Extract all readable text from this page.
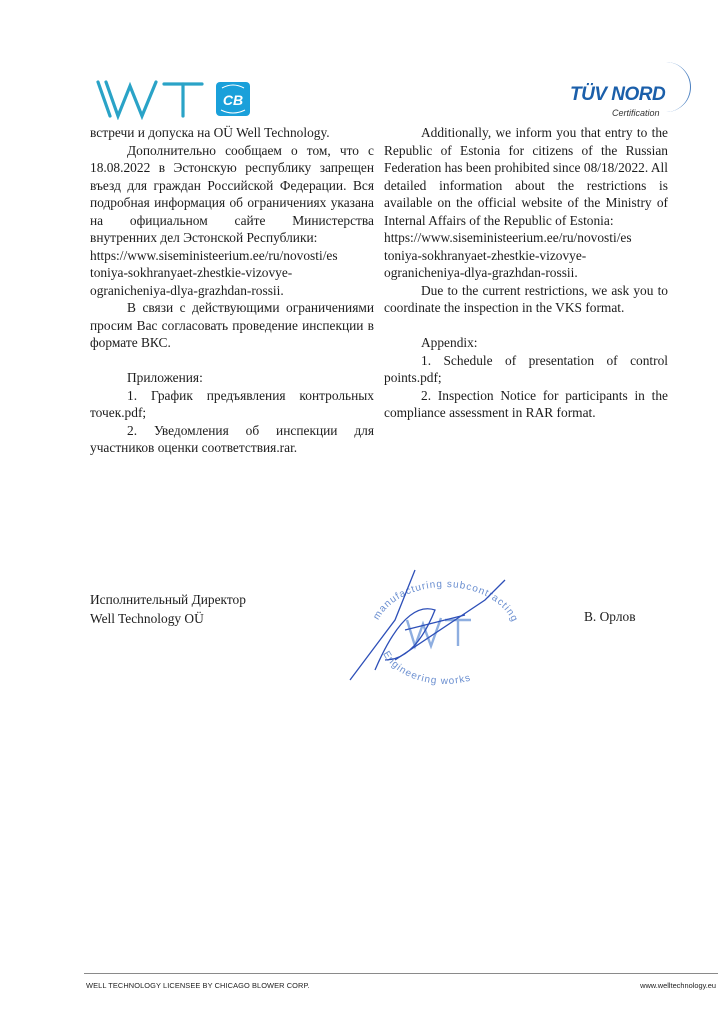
CB	TÜV NORD
Certification

встречи и допуска на OÜ Well Technology.

Дополнительно сообщаем о том, что с 18.08.2022 в Эстонскую республику запрещен въезд для граждан Российской Федерации. Вся подробная информация об ограничениях указана на официальном сайте Министерства внутренних дел Эстонской Республики:

https://www.siseministeerium.ee/ru/novosti/es

toniya-sokhranyaet-zhestkie-vizovye-

ogranicheniya-dlya-grazhdan-rossii.

В связи с действующими ограничениями просим Вас согласовать проведение инспекции в формате ВКС.

Приложения:

1. График предъявления контрольных точек.pdf;

2. Уведомления об инспекции для участников оценки соответствия.rar.

Additionally, we inform you that entry to the Republic of Estonia for citizens of the Russian Federation has been prohibited since 08/18/2022. All detailed information about the restrictions is available on the official website of the Ministry of Internal Affairs of the Republic of Estonia:

https://www.siseministeerium.ee/ru/novosti/es

toniya-sokhranyaet-zhestkie-vizovye-

ogranicheniya-dlya-grazhdan-rossii.

Due to the current restrictions, we ask you to coordinate the inspection in the VKS format.

Appendix:

1. Schedule of presentation of control points.pdf;

2. Inspection Notice for participants in the compliance assessment in RAR format.

Исполнительный Директор
Well Technology OÜ	manufacturing subcontracting
Engineering works
В. Орлов
WELL TECHNOLOGY LICENSEE BY CHICAGO BLOWER CORP.	www.welltechnology.eu
